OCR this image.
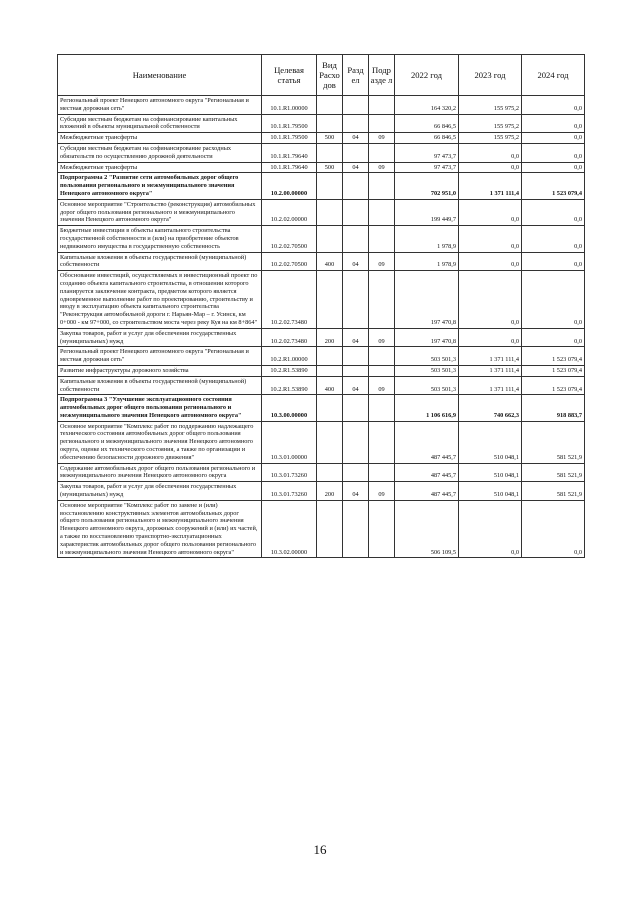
Наименование	Целевая статья	Вид Расхо дов	Разд ел	Подр азде л	2022 год	2023 год	2024 год
Региональный проект Ненецкого автономного округа "Региональная и местная дорожная сеть"	10.1.R1.00000				164 320,2	155 975,2	0,0
Субсидии местным бюджетам на софинансирование капитальных вложений в объекты муниципальной собственности	10.1.R1.79500				66 846,5	155 975,2	0,0
Межбюджетные трансферты	10.1.R1.79500	500	04	09	66 846,5	155 975,2	0,0
Субсидии местным бюджетам на софинансирование расходных обязательств по осуществлению дорожной деятельности	10.1.R1.79640				97 473,7	0,0	0,0
Межбюджетные трансферты	10.1.R1.79640	500	04	09	97 473,7	0,0	0,0
Подпрограмма 2 "Развитие сети автомобильных дорог общего пользования регионального и межмуниципального значения Ненецкого автономного округа"	10.2.00.00000				702 951,0	1 371 111,4	1 523 079,4
Основное мероприятие "Строительство (реконструкция) автомобильных дорог общего пользования регионального и межмуниципального значения Ненецкого автономного округа"	10.2.02.00000				199 449,7	0,0	0,0
Бюджетные инвестиции в объекты капитального строительства государственной собственности и (или) на приобретение объектов недвижимого имущества в государственную собственность	10.2.02.70500				1 978,9	0,0	0,0
Капитальные вложения в объекты государственной (муниципальной) собственности	10.2.02.70500	400	04	09	1 978,9	0,0	0,0
Обоснование инвестиций, осуществляемых в инвестиционный проект по созданию объекта капитального строительства, в отношении которого планируется заключение контракта, предметом которого является одновременное выполнение работ по проектированию, строительству и вводу в эксплуатацию объекта капитального строительства "Реконструкция автомобильной дороги г. Нарьян-Мар – г. Усинск, км 0+000 - км 97+000, со строительством моста через реку Куя на км 8+864"	10.2.02.73480				197 470,8	0,0	0,0
Закупка товаров, работ и услуг для обеспечения государственных (муниципальных) нужд	10.2.02.73480	200	04	09	197 470,8	0,0	0,0
Региональный проект Ненецкого автономного округа "Региональная и местная дорожная сеть"	10.2.R1.00000				503 501,3	1 371 111,4	1 523 079,4
Развитие инфраструктуры дорожного хозяйства	10.2.R1.53890				503 501,3	1 371 111,4	1 523 079,4
Капитальные вложения в объекты государственной (муниципальной) собственности	10.2.R1.53890	400	04	09	503 501,3	1 371 111,4	1 523 079,4
Подпрограмма 3 "Улучшение эксплуатационного состояния автомобильных дорог общего пользования регионального и межмуниципального значения Ненецкого автономного округа"	10.3.00.00000				1 106 616,9	740 662,3	918 883,7
Основное мероприятие "Комплекс работ по поддержанию надлежащего технического состояния автомобильных дорог общего пользования регионального и межмуниципального значения Ненецкого автономного округа, оценке их технического состояния, а также по организации и обеспечению безопасности дорожного движения"	10.3.01.00000				487 445,7	510 048,1	581 521,9
Содержание автомобильных дорог общего пользования регионального и межмуниципального значения Ненецкого автономного округа	10.3.01.73260				487 445,7	510 048,1	581 521,9
Закупка товаров, работ и услуг для обеспечения государственных (муниципальных) нужд	10.3.01.73260	200	04	09	487 445,7	510 048,1	581 521,9
Основное мероприятие "Комплекс работ по замене и (или) восстановлению конструктивных элементов автомобильных дорог общего пользования регионального и межмуниципального значения Ненецкого автономного округа, дорожных сооружений и (или) их частей, а также по восстановлению транспортно-эксплуатационных характеристик автомобильных дорог общего пользования регионального и межмуниципального значения Ненецкого автономного округа"	10.3.02.00000				506 109,5	0,0	0,0
16
